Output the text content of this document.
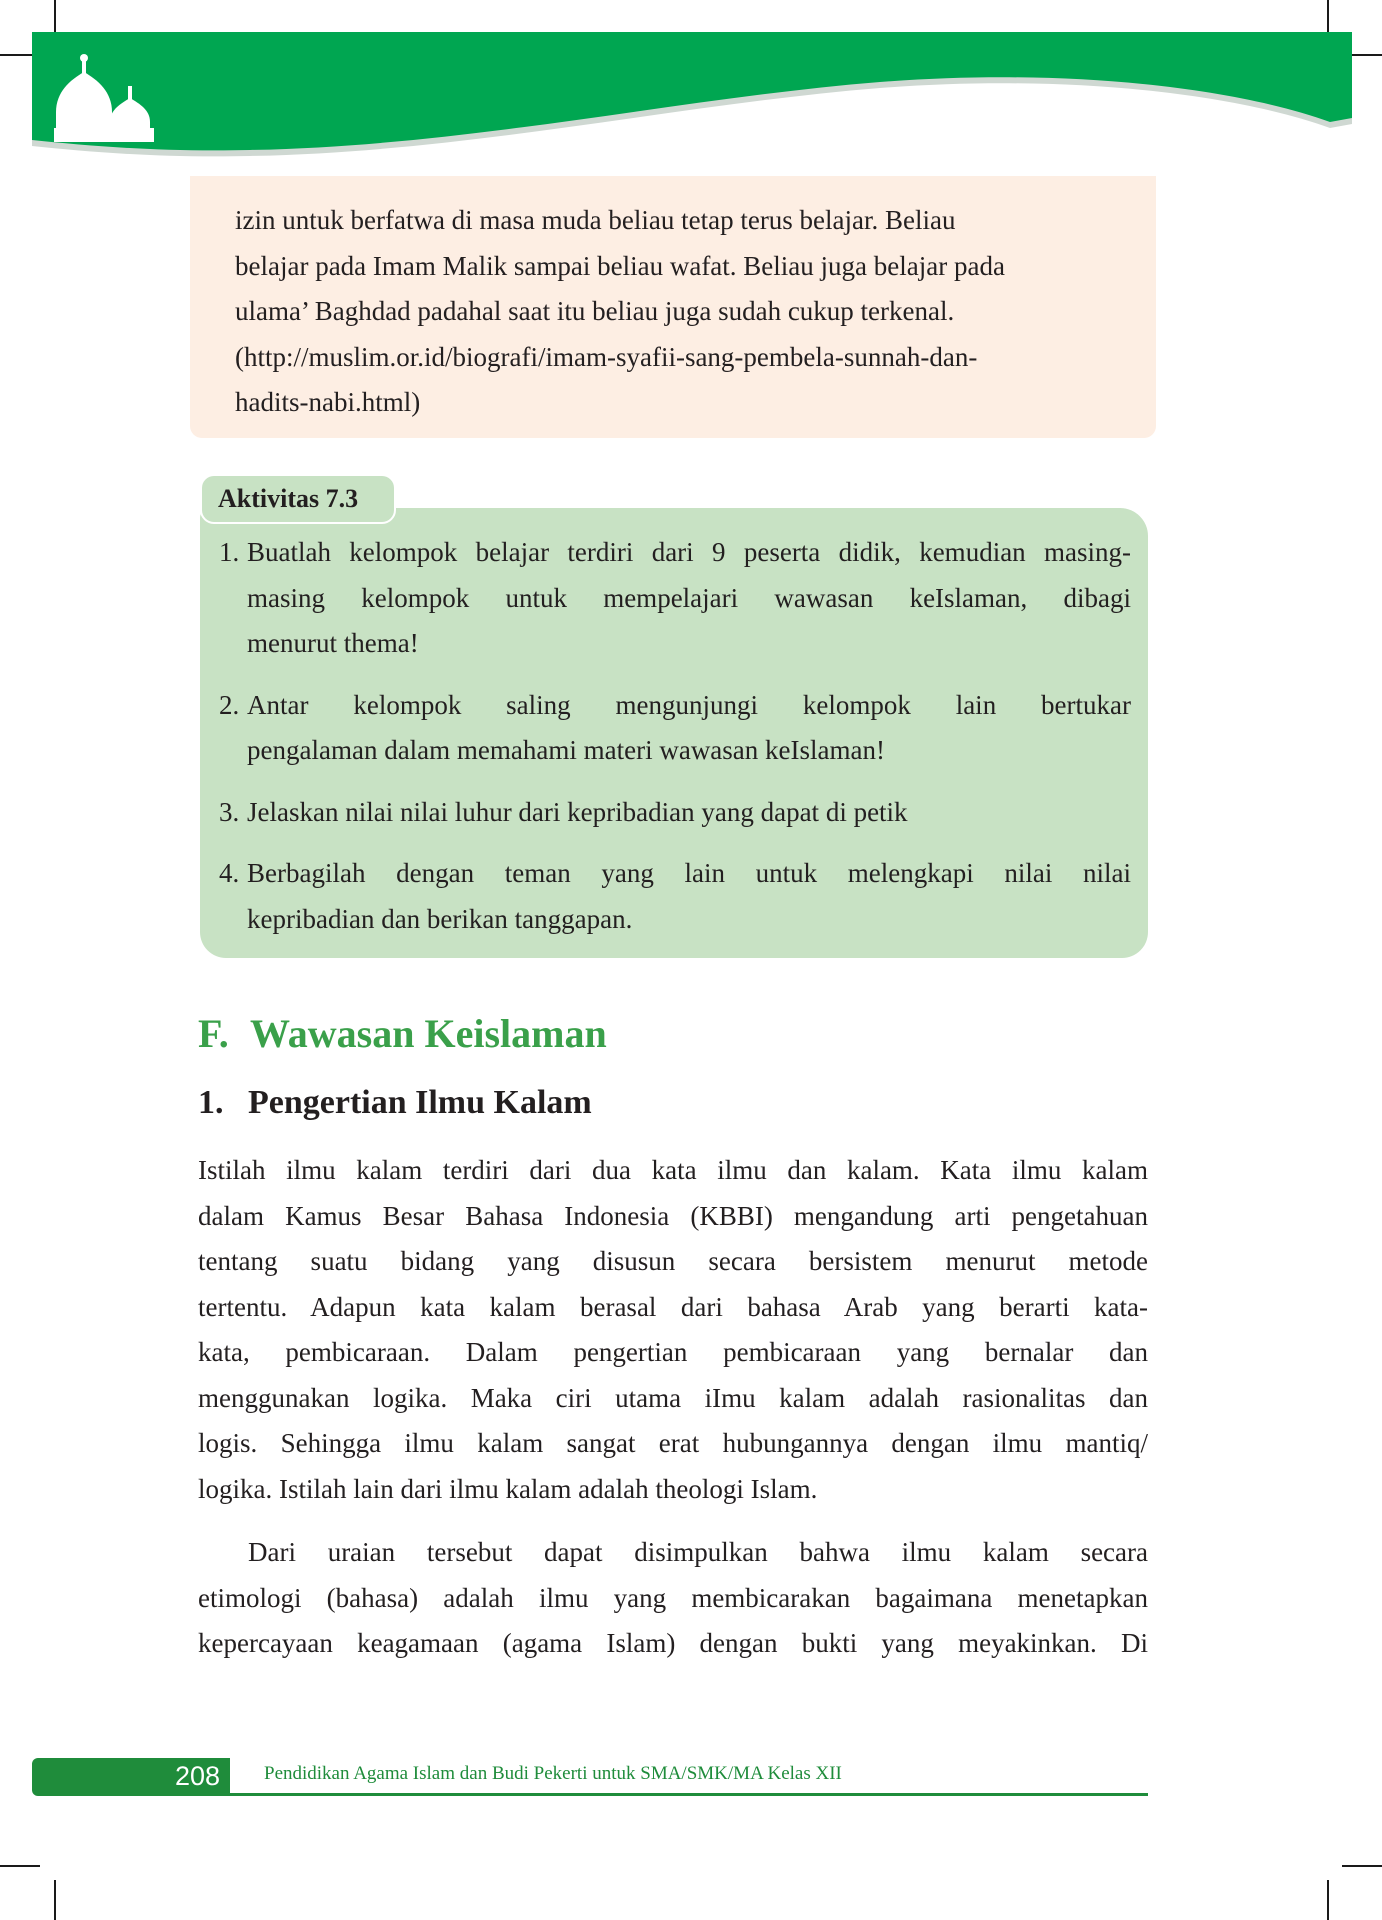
izin untuk berfatwa di masa muda beliau tetap terus belajar. Beliau
belajar pada Imam Malik sampai beliau wafat. Beliau juga belajar pada
ulama’ Baghdad padahal saat itu beliau juga sudah cukup terkenal.
(http://muslim.or.id/biografi/imam-syafii-sang-pembela-sunnah-dan-
hadits-nabi.html)
Aktivitas 7.3
1. Buatlah kelompok belajar terdiri dari 9 peserta didik, kemudian masing-
masing kelompok untuk mempelajari wawasan keIslaman, dibagi
menurut thema!
2. Antar kelompok saling mengunjungi kelompok lain bertukar
pengalaman dalam memahami materi wawasan keIslaman!
3. Jelaskan nilai nilai luhur dari kepribadian yang dapat di petik
4. Berbagilah dengan teman yang lain untuk melengkapi nilai nilai
kepribadian dan berikan tanggapan.
F. Wawasan Keislaman
1. Pengertian Ilmu Kalam
Istilah ilmu kalam terdiri dari dua kata ilmu dan kalam. Kata ilmu kalam
dalam Kamus Besar Bahasa Indonesia (KBBI) mengandung arti pengetahuan
tentang suatu bidang yang disusun secara bersistem menurut metode
tertentu. Adapun kata kalam berasal dari bahasa Arab yang berarti kata-
kata, pembicaraan. Dalam pengertian pembicaraan yang bernalar dan
menggunakan logika. Maka ciri utama iImu kalam adalah rasionalitas dan
logis. Sehingga ilmu kalam sangat erat hubungannya dengan ilmu mantiq/
logika. Istilah lain dari ilmu kalam adalah theologi Islam.
Dari uraian tersebut dapat disimpulkan bahwa ilmu kalam secara
etimologi (bahasa) adalah ilmu yang membicarakan bagaimana menetapkan
kepercayaan keagamaan (agama Islam) dengan bukti yang meyakinkan. Di
208 Pendidikan Agama Islam dan Budi Pekerti untuk SMA/SMK/MA Kelas XII
